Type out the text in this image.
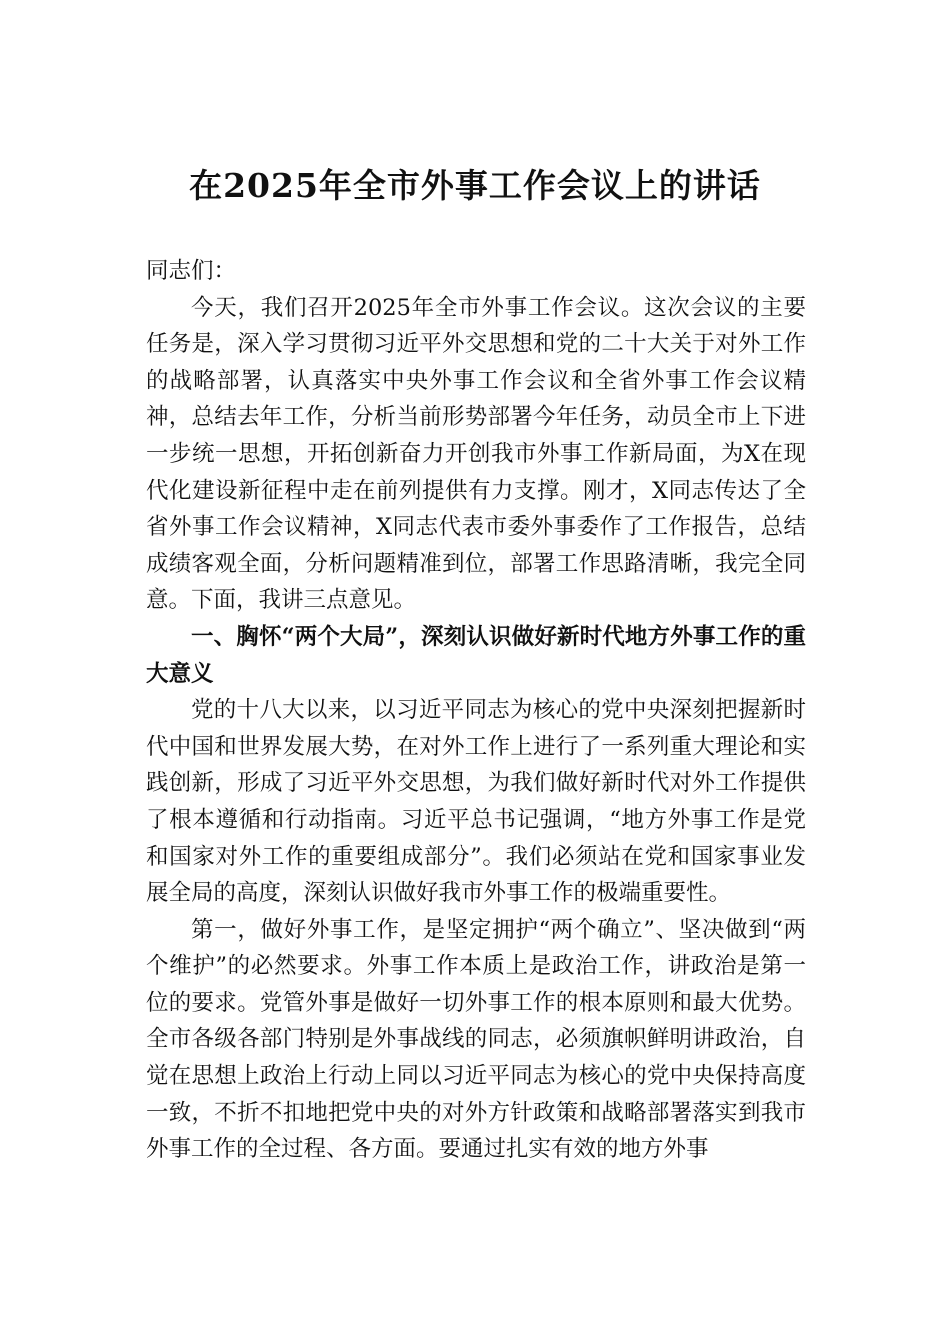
在2025年全市外事工作会议上的讲话

同志们：

今天，我们召开2025年全市外事工作会议。这次会议的主要任务是，深入学习贯彻习近平外交思想和党的二十大关于对外工作的战略部署，认真落实中央外事工作会议和全省外事工作会议精神，总结去年工作，分析当前形势部署今年任务，动员全市上下进一步统一思想，开拓创新奋力开创我市外事工作新局面，为X在现代化建设新征程中走在前列提供有力支撑。刚才，X同志传达了全省外事工作会议精神，X同志代表市委外事委作了工作报告，总结成绩客观全面，分析问题精准到位，部署工作思路清晰，我完全同意。下面，我讲三点意见。

一、胸怀“两个大局”，深刻认识做好新时代地方外事工作的重大意义

党的十八大以来，以习近平同志为核心的党中央深刻把握新时代中国和世界发展大势，在对外工作上进行了一系列重大理论和实践创新，形成了习近平外交思想，为我们做好新时代对外工作提供了根本遵循和行动指南。习近平总书记强调，“地方外事工作是党和国家对外工作的重要组成部分”。我们必须站在党和国家事业发展全局的高度，深刻认识做好我市外事工作的极端重要性。

第一，做好外事工作，是坚定拥护“两个确立”、坚决做到“两个维护”的必然要求。外事工作本质上是政治工作，讲政治是第一位的要求。党管外事是做好一切外事工作的根本原则和最大优势。全市各级各部门特别是外事战线的同志，必须旗帜鲜明讲政治，自觉在思想上政治上行动上同以习近平同志为核心的党中央保持高度一致，不折不扣地把党中央的对外方针政策和战略部署落实到我市外事工作的全过程、各方面。要通过扎实有效的地方外事
